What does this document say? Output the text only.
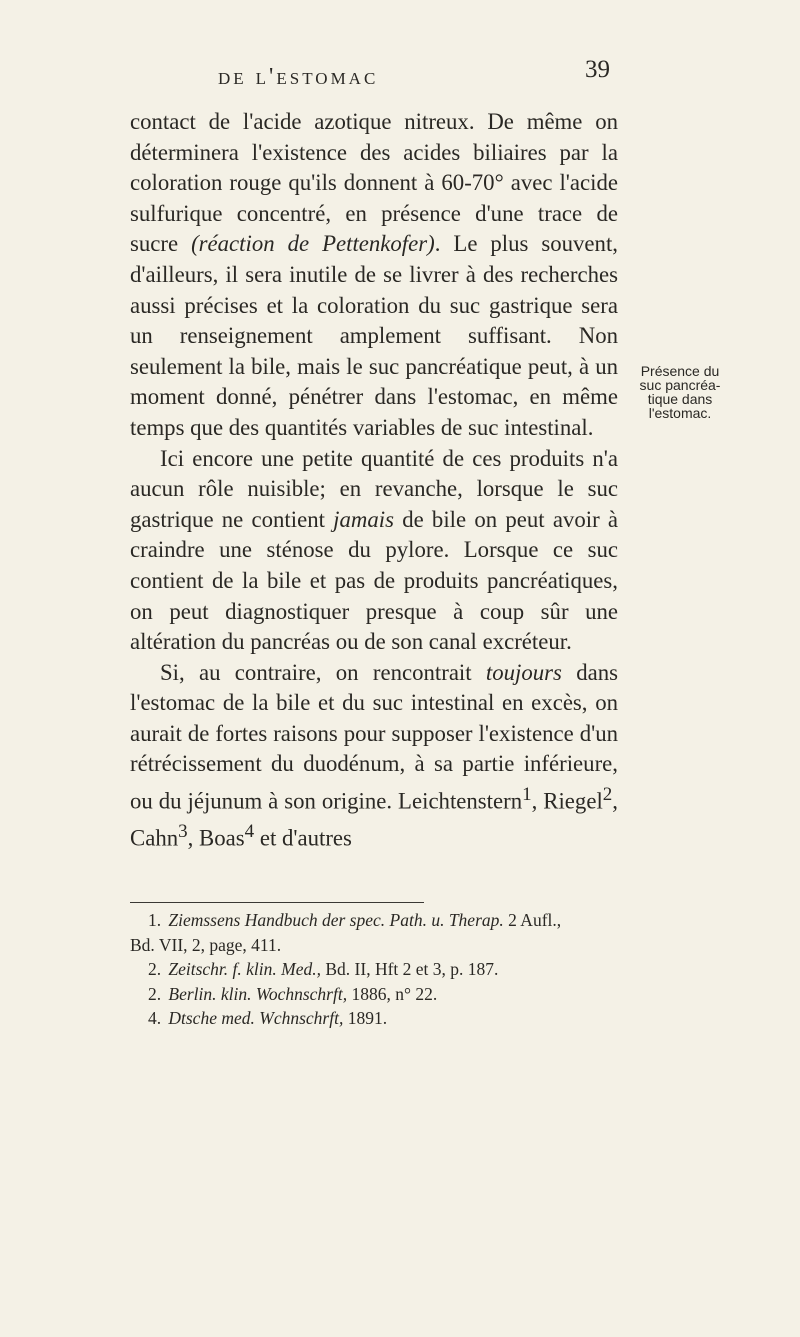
de l'estomac	39

contact de l'acide azotique nitreux. De même on déterminera l'existence des acides biliaires par la coloration rouge qu'ils donnent à 60-70° avec l'acide sulfurique concentré, en présence d'une trace de sucre (réaction de Pettenkofer). Le plus souvent, d'ailleurs, il sera inutile de se livrer à des recherches aussi précises et la coloration du suc gastrique sera un renseignement amplement suffisant. Non seulement la bile, mais le suc pancréatique peut, à un moment donné, pénétrer dans l'estomac, en même temps que des quantités variables de suc intestinal.

Ici encore une petite quantité de ces produits n'a aucun rôle nuisible; en revanche, lorsque le suc gastrique ne contient jamais de bile on peut avoir à craindre une sténose du pylore. Lorsque ce suc contient de la bile et pas de produits pancréatiques, on peut diagnostiquer presque à coup sûr une altération du pancréas ou de son canal excréteur.

Si, au contraire, on rencontrait toujours dans l'estomac de la bile et du suc intestinal en excès, on aurait de fortes raisons pour supposer l'existence d'un rétrécissement du duodénum, à sa partie inférieure, ou du jéjunum à son origine. Leichtenstern$^1$, Riegel$^2$, Cahn$^3$, Boas$^4$ et d'autres

Présence du
suc pancréa-
tique dans
l'estomac.

1. Ziemssens Handbuch der spec. Path. u. Therap. 2 Aufl.,

Bd. VII, 2, page, 411.

2. Zeitschr. f. klin. Med., Bd. II, Hft 2 et 3, p. 187.

2. Berlin. klin. Wochnschrft, 1886, n° 22.

4. Dtsche med. Wchnschrft, 1891.
